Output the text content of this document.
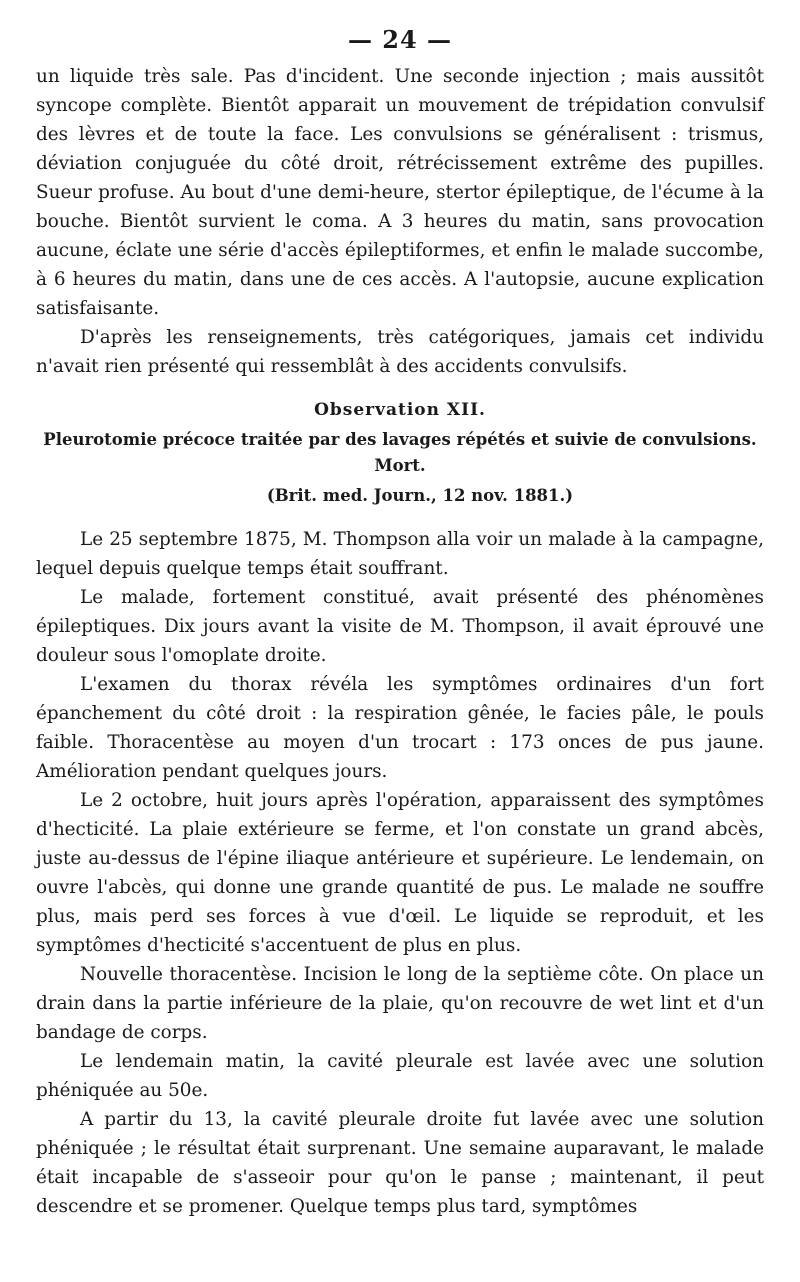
— 24 —

un liquide très sale. Pas d'incident. Une seconde injection ; mais aussitôt syncope complète. Bientôt apparait un mouvement de trépidation convulsif des lèvres et de toute la face. Les convulsions se généralisent : trismus, déviation conjuguée du côté droit, rétrécissement extrême des pupilles. Sueur profuse. Au bout d'une demi-heure, stertor épileptique, de l'écume à la bouche. Bientôt survient le coma. A 3 heures du matin, sans provocation aucune, éclate une série d'accès épileptiformes, et enfin le malade succombe, à 6 heures du matin, dans une de ces accès. A l'autopsie, aucune explication satisfaisante.

D'après les renseignements, très catégoriques, jamais cet individu n'avait rien présenté qui ressemblât à des accidents convulsifs.

Observation XII.
Pleurotomie précoce traitée par des lavages répétés et suivie de convulsions.
Mort.
(Brit. med. Journ., 12 nov. 1881.)

Le 25 septembre 1875, M. Thompson alla voir un malade à la campagne, lequel depuis quelque temps était souffrant.

Le malade, fortement constitué, avait présenté des phénomènes épileptiques. Dix jours avant la visite de M. Thompson, il avait éprouvé une douleur sous l'omoplate droite.

L'examen du thorax révéla les symptômes ordinaires d'un fort épanchement du côté droit : la respiration gênée, le facies pâle, le pouls faible. Thoracentèse au moyen d'un trocart : 173 onces de pus jaune. Amélioration pendant quelques jours.

Le 2 octobre, huit jours après l'opération, apparaissent des symptômes d'hecticité. La plaie extérieure se ferme, et l'on constate un grand abcès, juste au-dessus de l'épine iliaque antérieure et supérieure. Le lendemain, on ouvre l'abcès, qui donne une grande quantité de pus. Le malade ne souffre plus, mais perd ses forces à vue d'œil. Le liquide se reproduit, et les symptômes d'hecticité s'accentuent de plus en plus.

Nouvelle thoracentèse. Incision le long de la septième côte. On place un drain dans la partie inférieure de la plaie, qu'on recouvre de wet lint et d'un bandage de corps.

Le lendemain matin, la cavité pleurale est lavée avec une solution phéniquée au 50e.

A partir du 13, la cavité pleurale droite fut lavée avec une solution phéniquée ; le résultat était surprenant. Une semaine auparavant, le malade était incapable de s'asseoir pour qu'on le panse ; maintenant, il peut descendre et se promener. Quelque temps plus tard, symptômes
